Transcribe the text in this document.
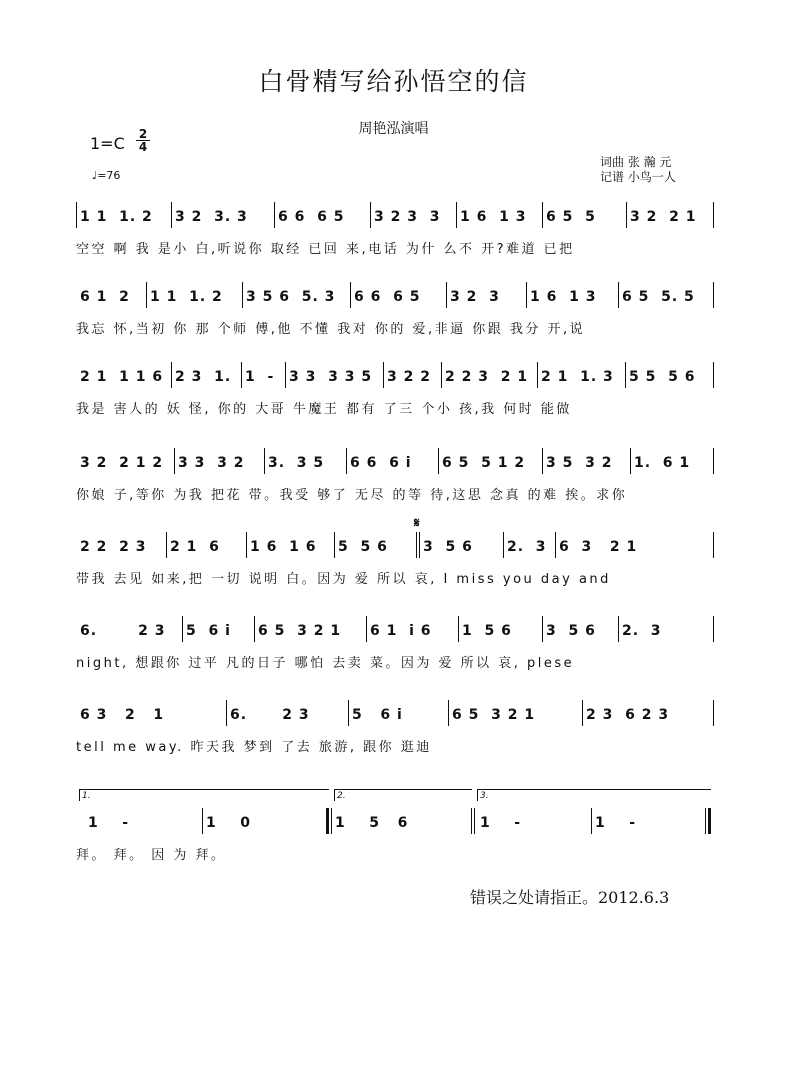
白骨精写给孙悟空的信
周艳泓演唱
1=C 2
4
♩=76
词曲 张 瀚 元
记谱 小鸟一人
1 1  1. 2	3 2  3. 3	6 6  6 5	3 2 3  3	1 6  1 3	6 5  5	3 2  2 1
空空 啊 我 是小 白,听说你 取经 已回 来,电话 为什 么不 开?难道 已把
6 1  2	1 1  1. 2	3 5 6  5. 3	6 6  6 5	3 2  3	1 6  1 3	6 5  5. 5
我忘 怀,当初 你 那 个师 傅,他 不懂 我对 你的 爱,非逼 你跟 我分 开,说
2 1  1 1 6 2 3  1. 1  -	3 3  3 3 5	3 2 2	2 2 3  2 1 2 1  1. 3	5 5  5 6
我是 害人的 妖 怪, 你的 大哥 牛魔王 都有 了三 个小 孩,我 何时 能做
3 2  2 1 2	3 3  3 2	3.  3 5	6 6  6 i	6 5  5 1 2	3 5  3 2	1.  6 1
你娘 子,等你 为我 把花 带。我受 够了 无尽 的等 待,这思 念真 的难 挨。求你
𝄋
2 2  2 3	2 1  6	1 6  1 6	5  5 6	3  5 6	2.  3 6  3   2 1
带我 去见 如来,把 一切 说明 白。因为 爱 所以 哀, I miss you day and
6.       2 3	5  6 i	6 5  3 2 1	6 1  i 6	1  5 6	3  5 6	2.  3
night, 想跟你 过平 凡的日子 哪怕 去卖 菜。因为 爱 所以 哀, plese
6 3   2   1	6.      2 3	5   6 i	6 5  3 2 1	2 3  6 2 3
tell me way. 昨天我 梦到 了去 旅游, 跟你 逛迪
1.	2.	3.
1    -	1    0	1    5   6	1    -	1    -
拜。 拜。 因 为 拜。
错误之处请指正。2012.6.3
